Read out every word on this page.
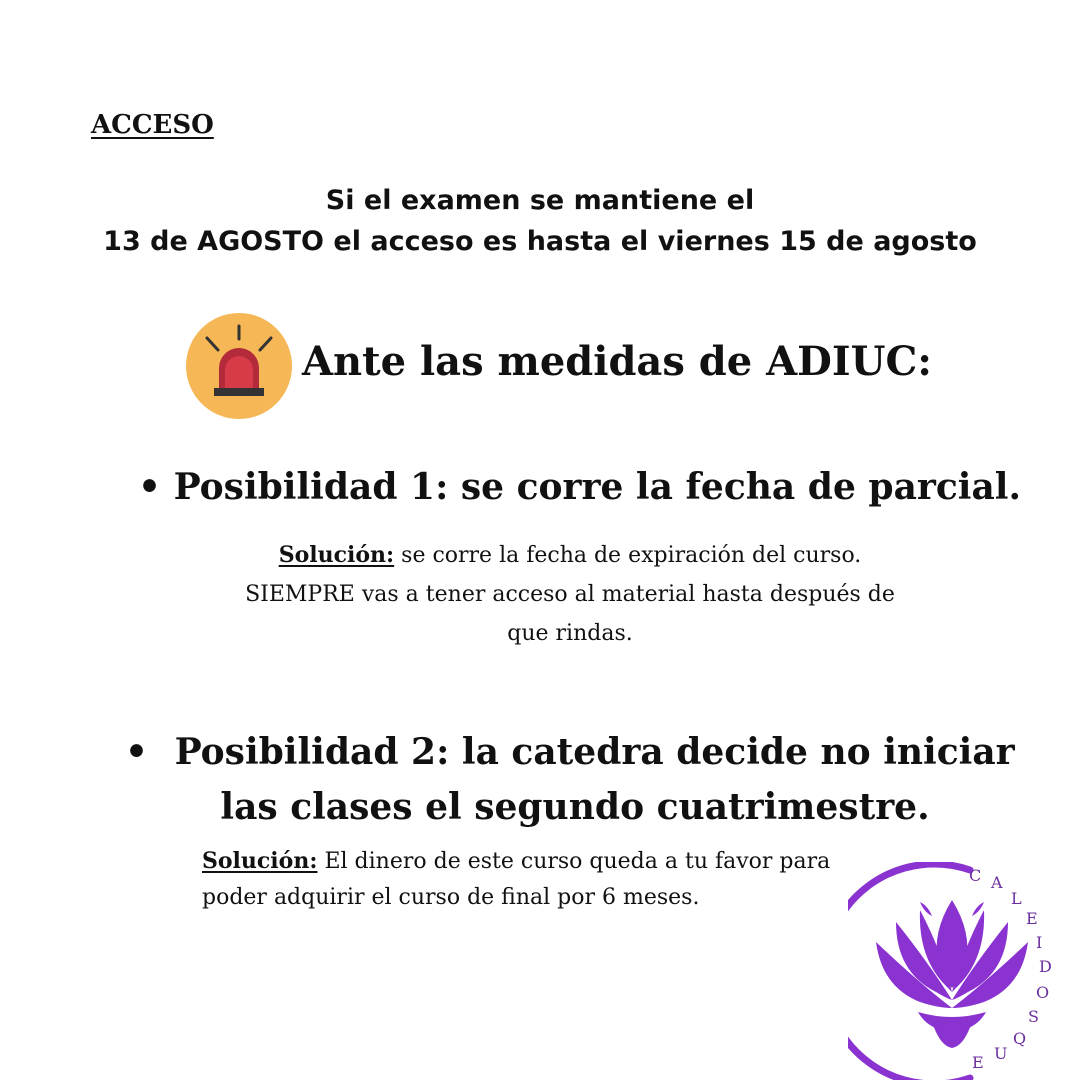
ACCESO
Si el examen se mantiene el
13 de AGOSTO el acceso es hasta el viernes 15 de agosto
Ante las medidas de ADIUC:
• Posibilidad 1: se corre la fecha de parcial.
Solución: se corre la fecha de expiración del curso.
SIEMPRE vas a tener acceso al material hasta después de
que rindas.
• Posibilidad 2: la catedra decide no iniciar
las clases el segundo cuatrimestre.
Solución: El dinero de este curso queda a tu favor para
poder adquirir el curso de final por 6 meses.
C A
L
E
I
D
O
S
Q
U
E
